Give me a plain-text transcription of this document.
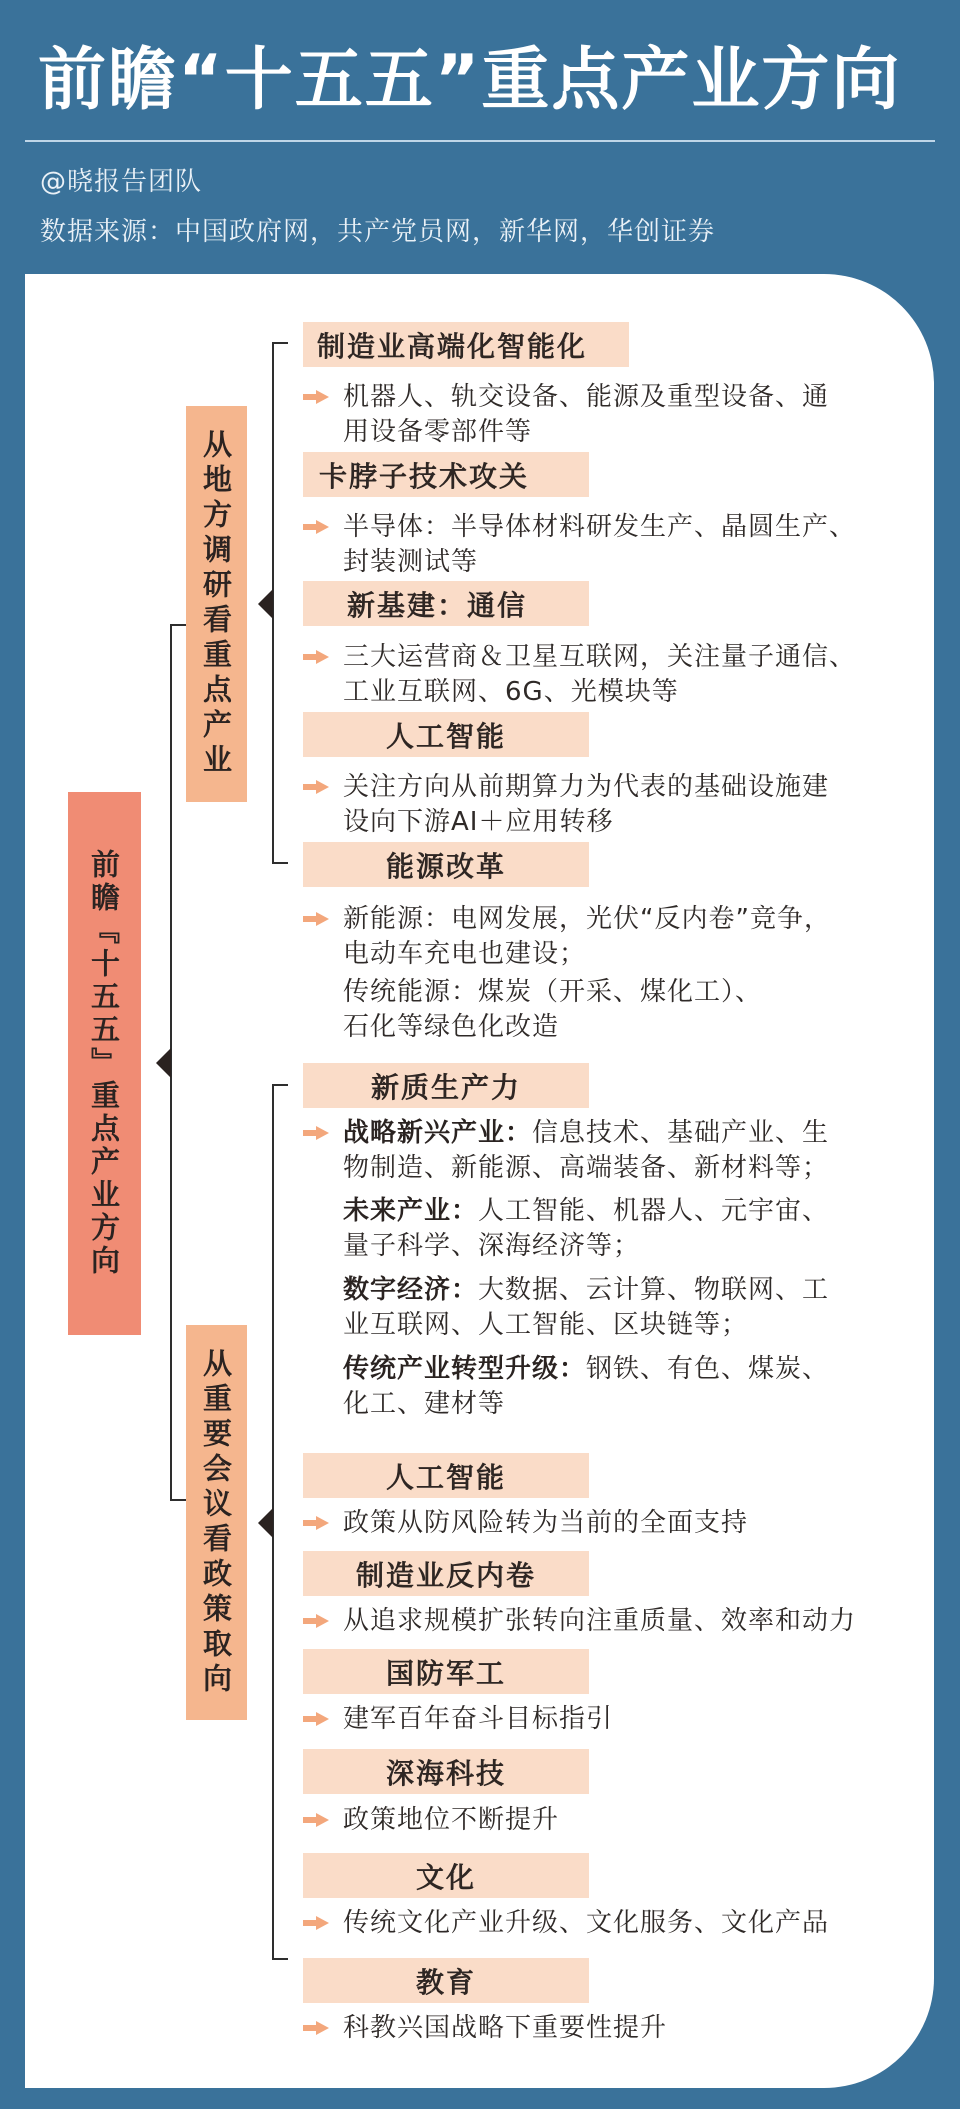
前瞻“十五五”重点产业方向
@晓报告团队
数据来源：中国政府网，共产党员网，新华网，华创证券
前瞻『十五五』重点产业方向
从地方调研看重点产业
从重要会议看政策取向
制造业高端化智能化
机器人、轨交设备、能源及重型设备、通
用设备零部件等
卡脖子技术攻关
半导体：半导体材料研发生产、晶圆生产、
封装测试等
新基建：通信
三大运营商＆卫星互联网，关注量子通信、
工业互联网、6G、光模块等
人工智能
关注方向从前期算力为代表的基础设施建
设向下游AI＋应用转移
能源改革
新能源：电网发展，光伏“反内卷”竞争，
电动车充电也建设；
传统能源：煤炭（开采、煤化工）、
石化等绿色化改造
新质生产力
战略新兴产业：信息技术、基础产业、生
物制造、新能源、高端装备、新材料等；
未来产业：人工智能、机器人、元宇宙、
量子科学、深海经济等；
数字经济：大数据、云计算、物联网、工
业互联网、人工智能、区块链等；
传统产业转型升级：钢铁、有色、煤炭、
化工、建材等
人工智能
政策从防风险转为当前的全面支持
制造业反内卷
从追求规模扩张转向注重质量、效率和动力
国防军工
建军百年奋斗目标指引
深海科技
政策地位不断提升
文化
传统文化产业升级、文化服务、文化产品
教育
科教兴国战略下重要性提升
